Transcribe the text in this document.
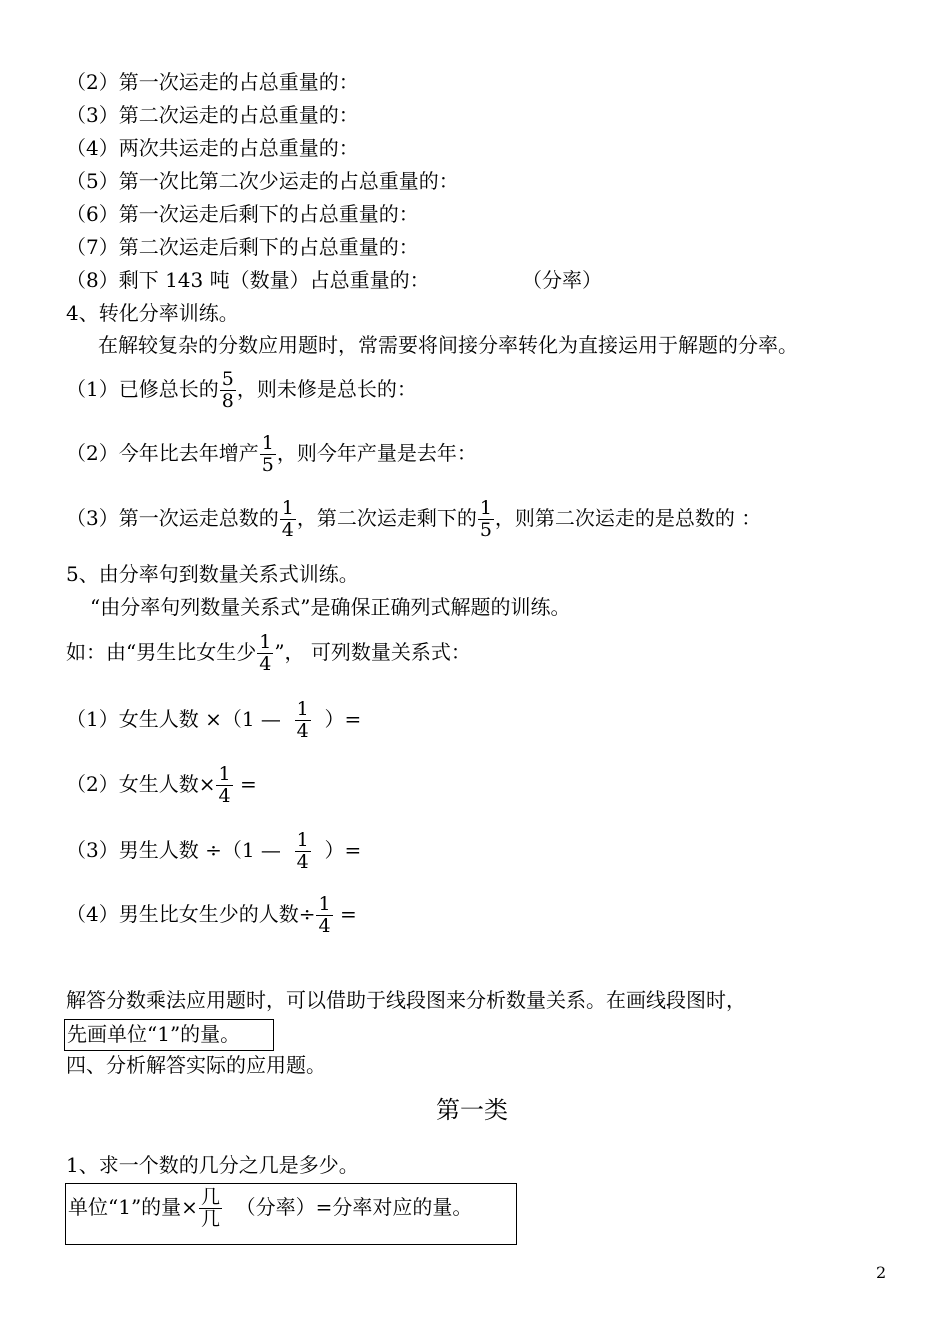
（2）第一次运走的占总重量的：
（3）第二次运走的占总重量的：
（4）两次共运走的占总重量的：
（5）第一次比第二次少运走的占总重量的：
（6）第一次运走后剩下的占总重量的：
（7）第二次运走后剩下的占总重量的：
（8）剩下 143 吨（数量）占总重量的：	（分率）
4、转化分率训练。
在解较复杂的分数应用题时，常需要将间接分率转化为直接运用于解题的分率。
（1）已修总长的 $\frac{5}{8}$ ，则未修是总长的：
（2）今年比去年增产 $\frac{1}{5}$ ，则今年产量是去年：
（3）第一次运走总数的 $\frac{1}{4}$ ，第二次运走剩下的 $\frac{1}{5}$ ，则第二次运走的是总数的 ：
5、由分率句到数量关系式训练。
“由分率句列数量关系式”是确保正确列式解题的训练。
如：由“男生比女生少 $\frac{1}{4}$ ”， 可列数量关系式：
（1）女生人数 ×（1 — $\frac{1}{4}$ ）=
（2）女生人数× $\frac{1}{4}$ =
（3）男生人数 ÷（1 — $\frac{1}{4}$ ）=
（4）男生比女生少的人数÷ $\frac{1}{4}$ =
解答分数乘法应用题时，可以借助于线段图来分析数量关系。在画线段图时，
先画单位“1”的量。
四、分析解答实际的应用题。
第一类
1、求一个数的几分之几是多少。
单位“1”的量× $\frac{\text{几}}{\text{几}}$ （分率）=分率对应的量。
2
